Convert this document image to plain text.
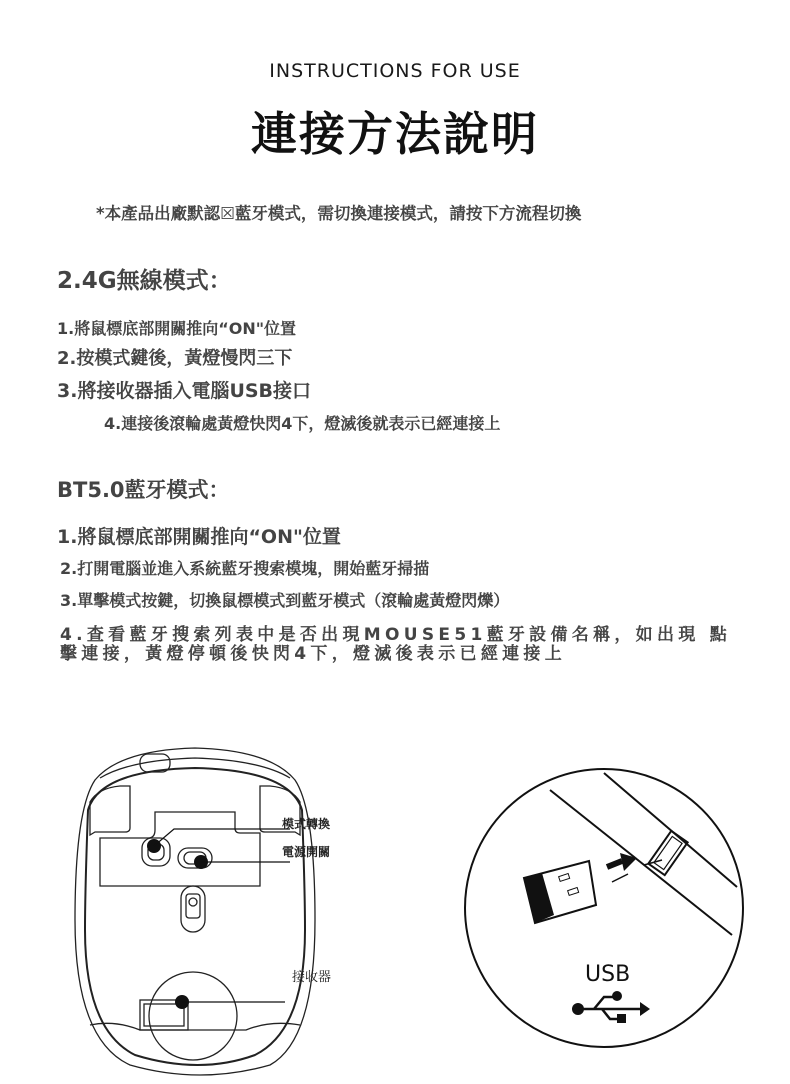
INSTRUCTIONS FOR USE
連接方法說明
*本產品出廠默認☒藍牙模式，需切換連接模式，請按下方流程切換
2.4G無線模式：
1.將鼠標底部開關推向“ON"位置
2.按模式鍵後，黃燈慢閃三下
3.將接收器插入電腦USB接口
4.連接後滾輪處黃燈快閃4下，燈滅後就表示已經連接上
BT5.0藍牙模式：
1.將鼠標底部開關推向“ON"位置
2.打開電腦並進入系統藍牙搜索模塊，開始藍牙掃描
3.單擊模式按鍵，切換鼠標模式到藍牙模式（滾輪處黃燈閃爍）
4.查看藍牙搜索列表中是否出現MOUSE51藍牙設備名稱，如出現 點擊連接，黃燈停頓後快閃4下，燈滅後表示已經連接上
模式轉換
電源開關
接收器	USB
